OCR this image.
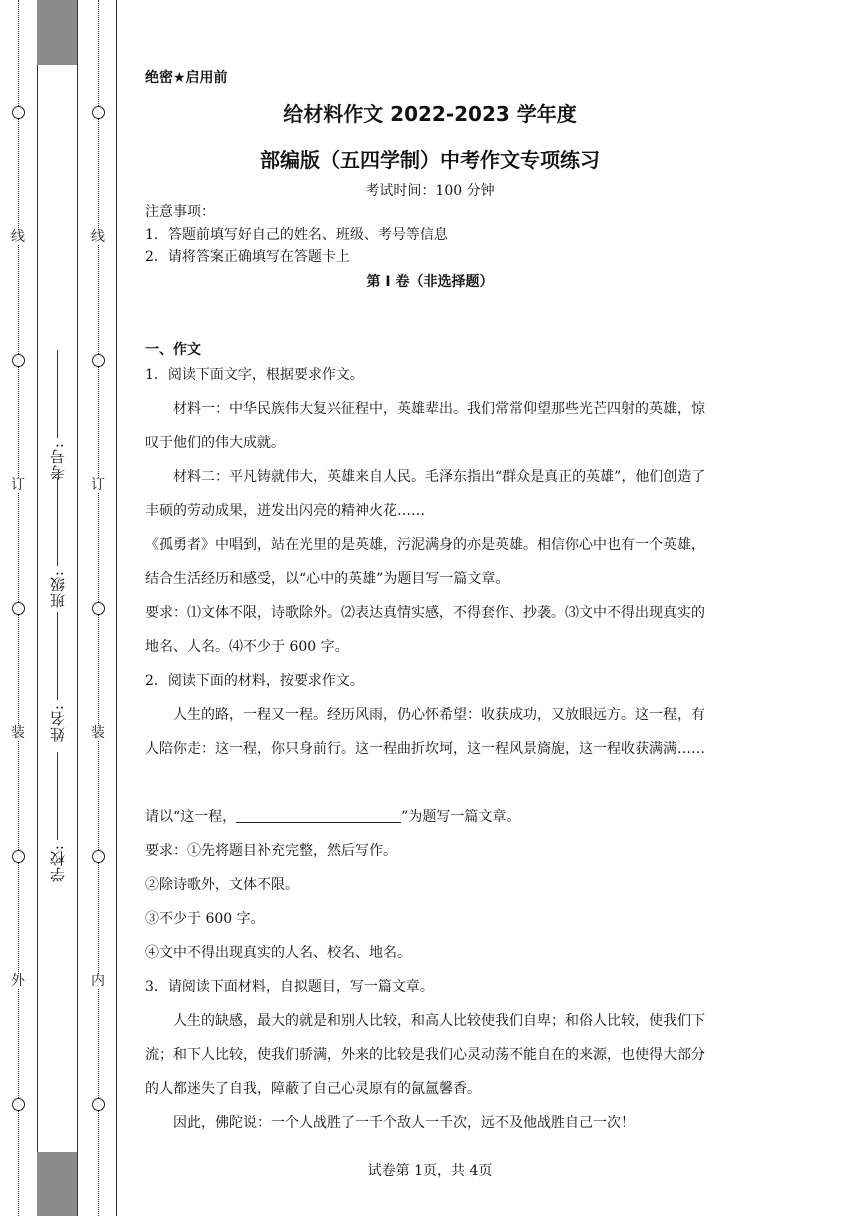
线
订
装
外
线
订
装
内
学校:
姓名:
班级:
考号:
绝密★启用前
给材料作文 2022-2023 学年度
部编版（五四学制）中考作文专项练习
考试时间：100 分钟
注意事项：
1．答题前填写好自己的姓名、班级、考号等信息
2．请将答案正确填写在答题卡上
第 I 卷（非选择题）
一、作文
1．阅读下面文字，根据要求作文。
材料一：中华民族伟大复兴征程中，英雄辈出。我们常常仰望那些光芒四射的英雄，惊叹于他们的伟大成就。
材料二：平凡铸就伟大，英雄来自人民。毛泽东指出“群众是真正的英雄”，他们创造了丰硕的劳动成果，迸发出闪亮的精神火花……
《孤勇者》中唱到，站在光里的是英雄，污泥满身的亦是英雄。相信你心中也有一个英雄，结合生活经历和感受，以“心中的英雄”为题目写一篇文章。
要求：⑴文体不限，诗歌除外。⑵表达真情实感，不得套作、抄袭。⑶文中不得出现真实的地名、人名。⑷不少于 600 字。
2．阅读下面的材料，按要求作文。
人生的路，一程又一程。经历风雨，仍心怀希望：收获成功，又放眼远方。这一程，有人陪你走：这一程，你只身前行。这一程曲折坎坷，这一程风景旖旎，这一程收获满满……
请以“这一程，	”为题写一篇文章。
要求：①先将题目补充完整，然后写作。
②除诗歌外，文体不限。
③不少于 600 字。
④文中不得出现真实的人名、校名、地名。
3．请阅读下面材料，自拟题目，写一篇文章。
人生的缺感，最大的就是和别人比较，和高人比较使我们自卑；和俗人比较，使我们下流；和下人比较，使我们骄满，外来的比较是我们心灵动荡不能自在的来源，也使得大部分的人都迷失了自我，障蔽了自己心灵原有的氤氲馨香。
因此，佛陀说：一个人战胜了一千个敌人一千次，远不及他战胜自己一次！
试卷第 1页，共 4页
